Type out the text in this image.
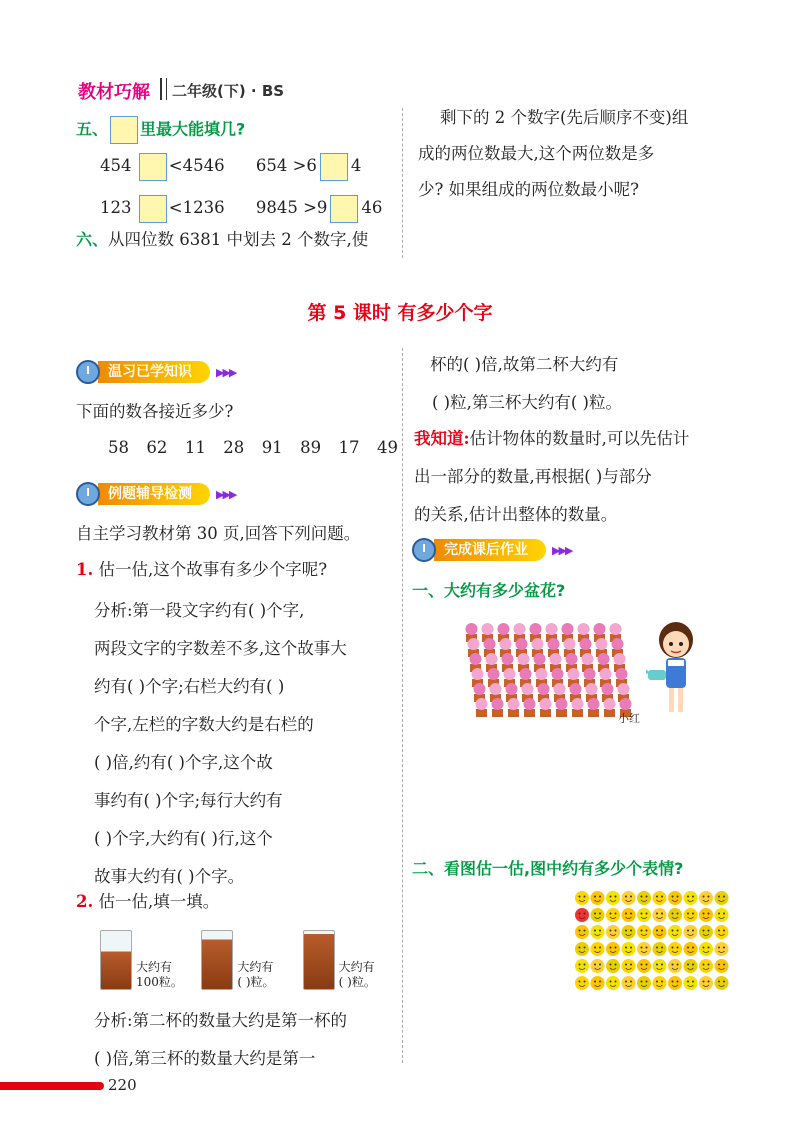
教材巧解 二年级(下) · BS
五、 里最大能填几?
454 <4546 654 >6 4
123 <1236 9845 >9 46
六、从四位数 6381 中划去 2 个数字,使
剩下的 2 个数字(先后顺序不变)组
成的两位数最大,这个两位数是多
少? 如果组成的两位数最小呢?
第 5 课时 有多少个字
温习已学知识	▶▶▶
下面的数各接近多少?
58 62 11 28 91 89 17 49
例题辅导检测	▶▶▶
自主学习教材第 30 页,回答下列问题。
1. 估一估,这个故事有多少个字呢?
分析:第一段文字约有( )个字,
两段文字的字数差不多,这个故事大
约有( )个字;右栏大约有( )
个字,左栏的字数大约是右栏的
( )倍,约有( )个字,这个故
事约有( )个字;每行大约有
( )个字,大约有( )行,这个
故事大约有( )个字。
2. 估一估,填一填。
大约有
100粒。
大约有
( )粒。
大约有
( )粒。
分析:第二杯的数量大约是第一杯的
( )倍,第三杯的数量大约是第一
杯的( )倍,故第二杯大约有
( )粒,第三杯大约有( )粒。
我知道:估计物体的数量时,可以先估计
出一部分的数量,再根据( )与部分
的关系,估计出整体的数量。
完成课后作业	▶▶▶
一、大约有多少盆花?
小红
二、看图估一估,图中约有多少个表情?
220
